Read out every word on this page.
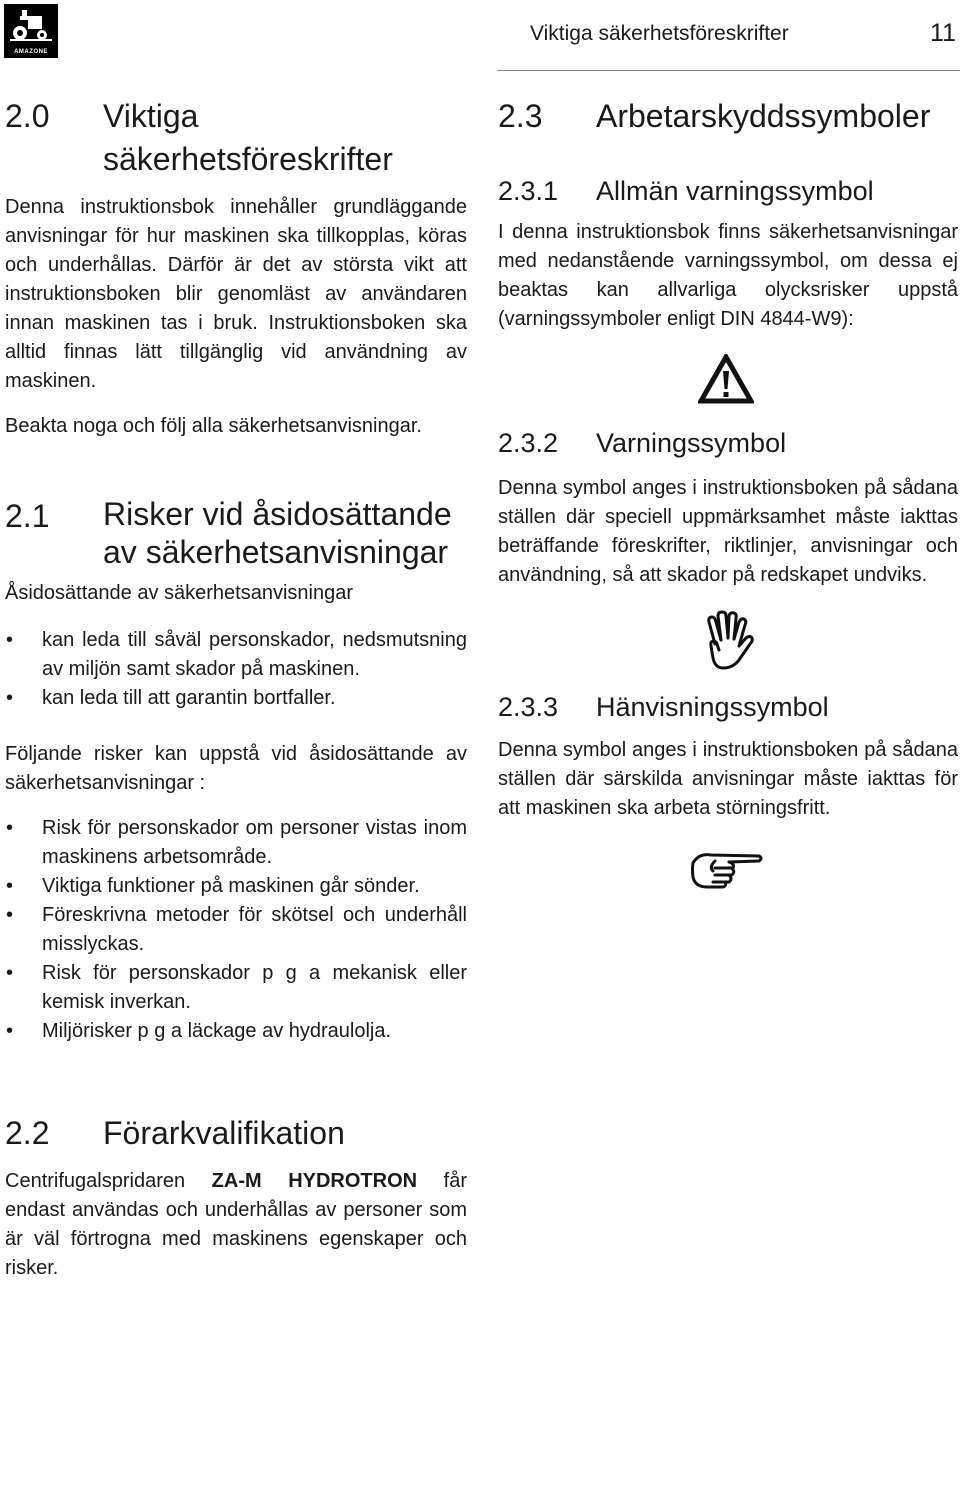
AMAZONE
Viktiga säkerhetsföreskrifter	11
2.0	Viktiga säkerhetsföreskrifter

Denna instruktionsbok innehåller grundläggande anvisningar för hur maskinen ska tillkopplas, köras och underhållas. Därför är det av största vikt att instruktionsboken blir genomläst av användaren innan maskinen tas i bruk. Instruktionsboken ska alltid finnas lätt tillgänglig vid användning av maskinen.

Beakta noga och följ alla säkerhetsanvisningar.

2.1	Risker vid åsidosättande av säkerhetsanvisningar

Åsidosättande av säkerhetsanvisningar

• kan leda till såväl personskador, nedsmutsning av miljön samt skador på maskinen.
• kan leda till att garantin bortfaller.

Följande risker kan uppstå vid åsidosättande av säkerhetsanvisningar :

• Risk för personskador om personer vistas inom maskinens arbetsområde.
• Viktiga funktioner på maskinen går sönder.
• Föreskrivna metoder för skötsel och underhåll misslyckas.
• Risk för personskador p g a mekanisk eller kemisk inverkan.
• Miljörisker p g a läckage av hydraulolja.
2.2	Förarkvalifikation

Centrifugalspridaren ZA-M HYDROTRON får endast användas och underhållas av personer som är väl förtrogna med maskinens egenskaper och risker.

2.3	Arbetarskyddssymboler
2.3.1	Allmän varningssymbol

I denna instruktionsbok finns säkerhetsanvisningar med nedanstående varningssymbol, om dessa ej beaktas kan allvarliga olycksrisker uppstå (varningssymboler enligt DIN 4844-W9):

2.3.2	Varningssymbol

Denna symbol anges i instruktionsboken på sådana ställen där speciell uppmärksamhet måste iakttas beträffande föreskrifter, riktlinjer, anvisningar och användning, så att skador på redskapet undviks.

2.3.3	Hänvisningssymbol

Denna symbol anges i instruktionsboken på sådana ställen där särskilda anvisningar måste iakttas för att maskinen ska arbeta störningsfritt.
